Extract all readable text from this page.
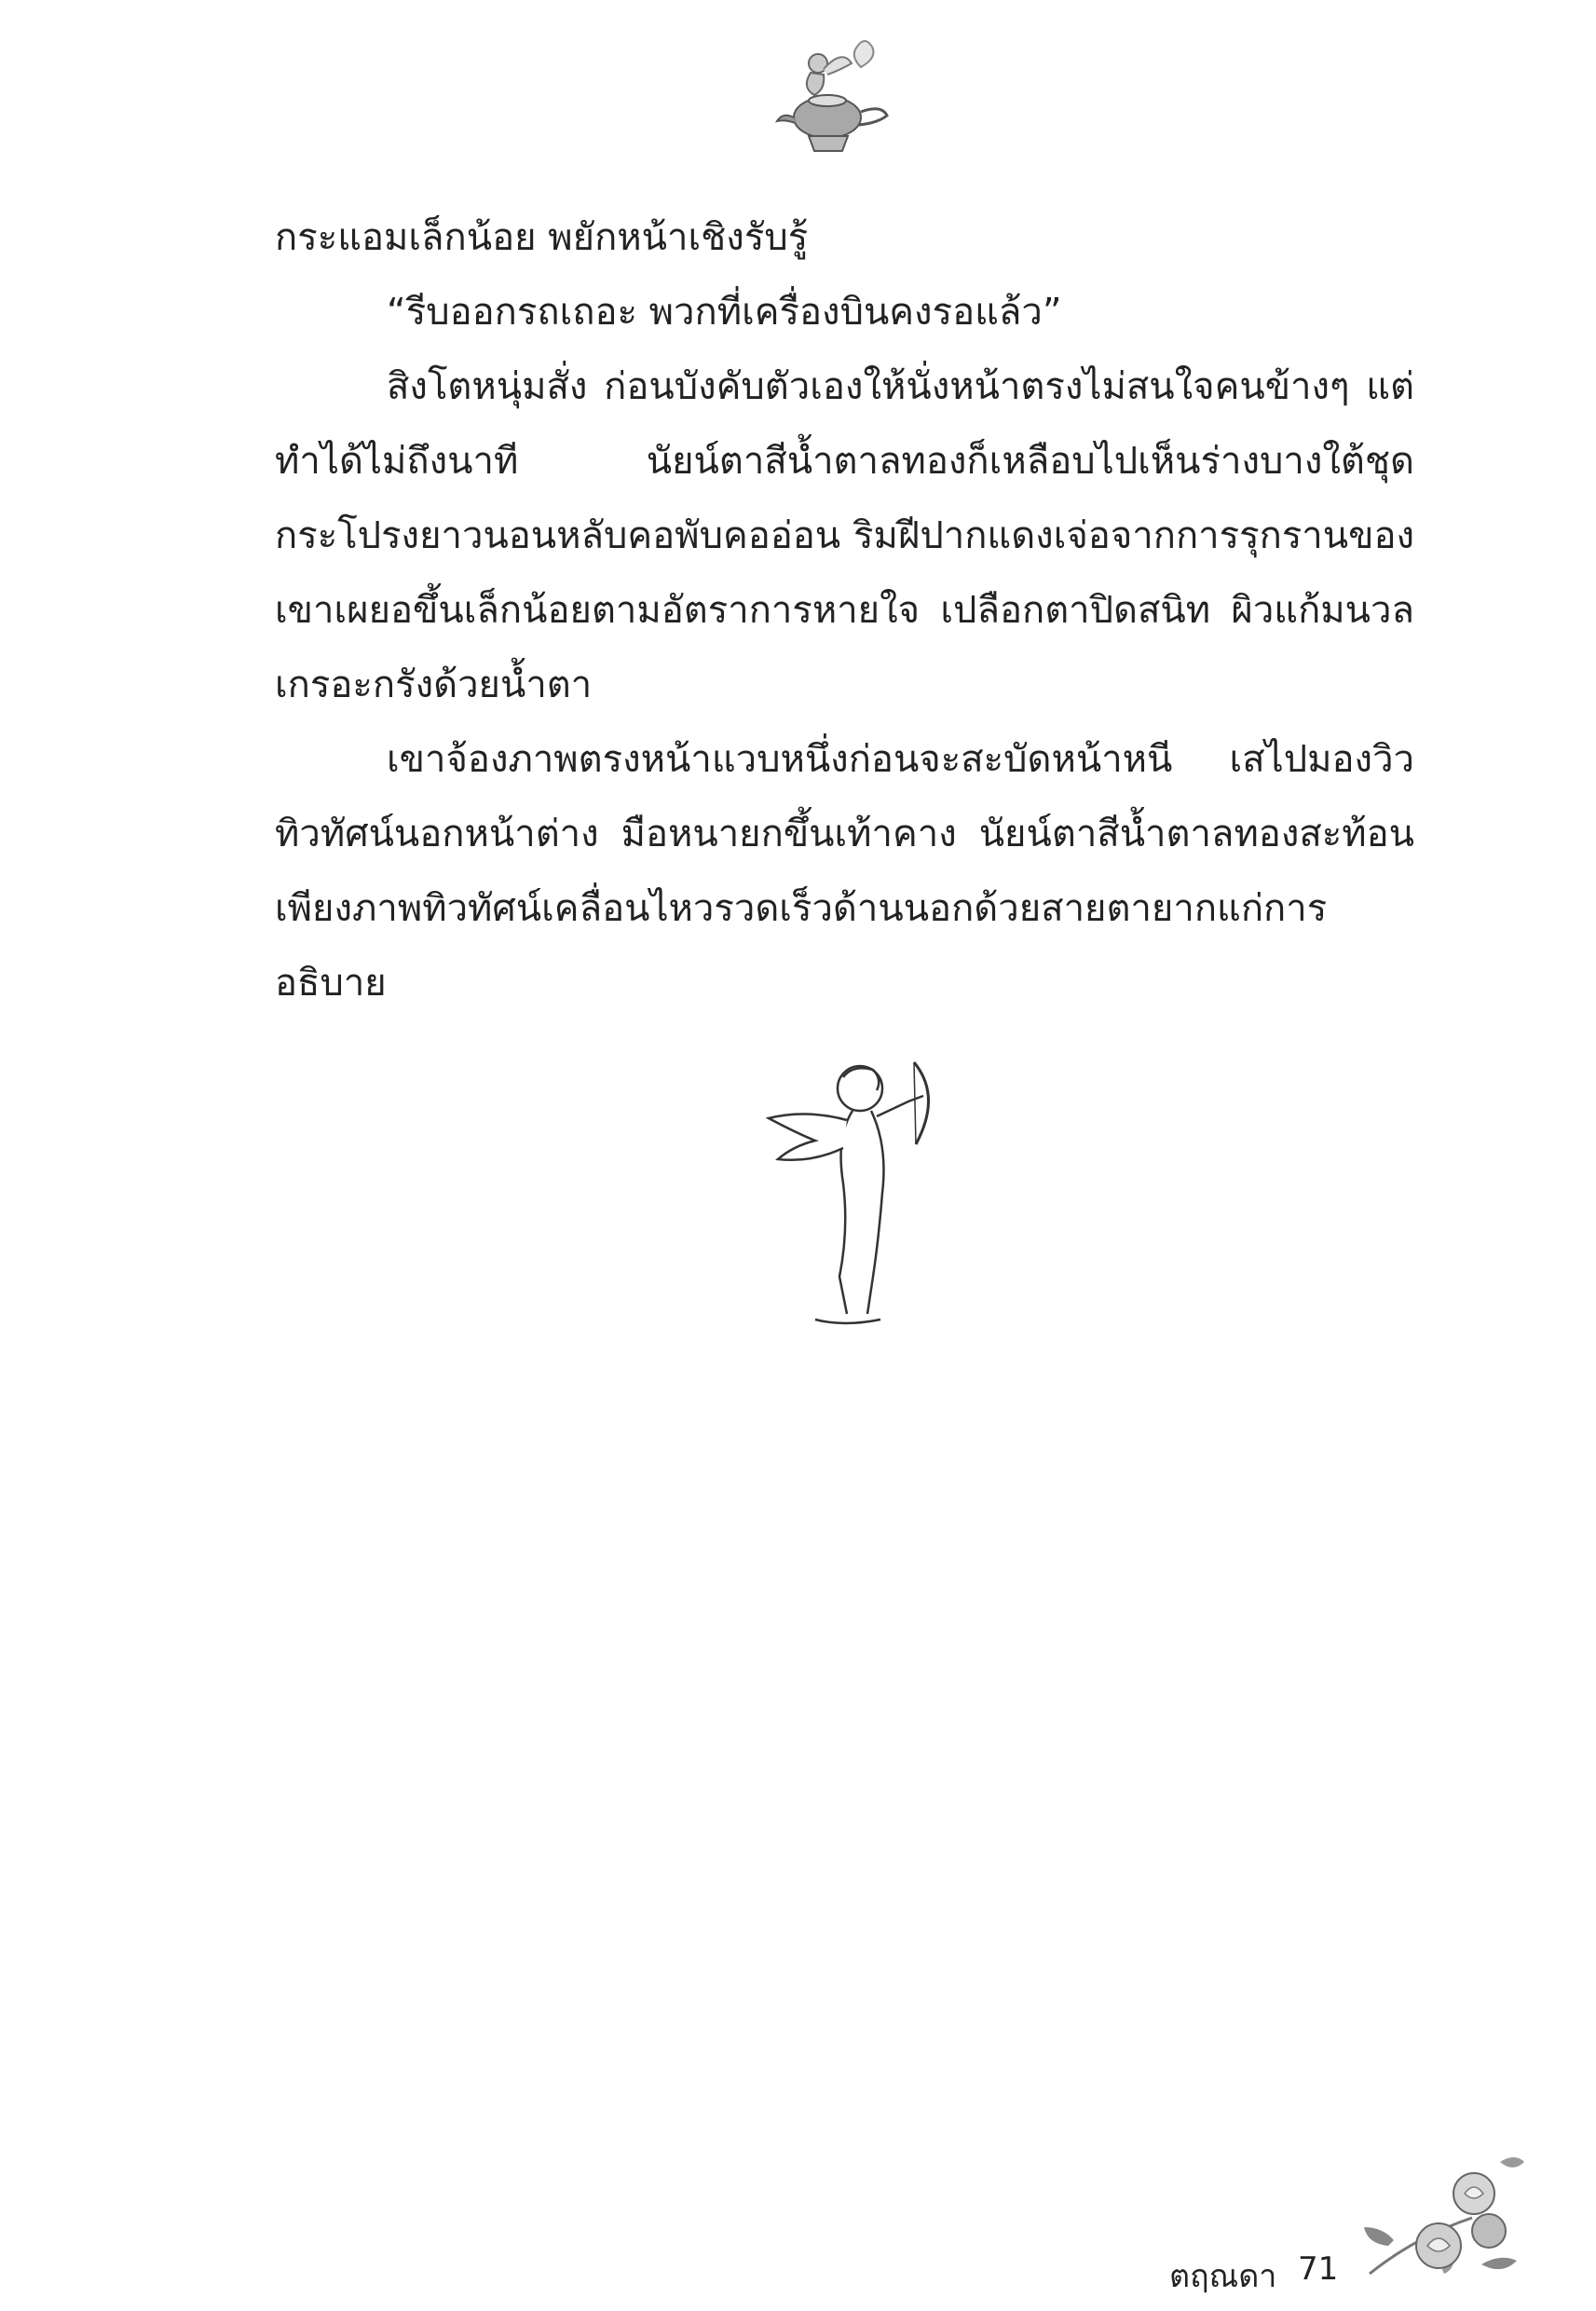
กระแอมเล็กน้อย พยักหน้าเชิงรับรู้

“รีบออกรถเถอะ พวกที่เครื่องบินคงรอแล้ว”

สิงโตหนุ่มสั่ง ก่อนบังคับตัวเองให้นั่งหน้าตรงไม่สนใจคนข้างๆ แต่ทำได้ไม่ถึงนาที นัยน์ตาสีน้ำตาลทองก็เหลือบไปเห็นร่างบางใต้ชุดกระโปรงยาวนอนหลับคอพับคออ่อน ริมฝีปากแดงเจ่อจากการรุกรานของเขาเผยอขึ้นเล็กน้อยตามอัตราการหายใจ เปลือกตาปิดสนิท ผิวแก้มนวลเกรอะกรังด้วยน้ำตา

เขาจ้องภาพตรงหน้าแวบหนึ่งก่อนจะสะบัดหน้าหนี เสไปมองวิวทิวทัศน์นอกหน้าต่าง มือหนายกขึ้นเท้าคาง นัยน์ตาสีน้ำตาลทองสะท้อนเพียงภาพทิวทัศน์เคลื่อนไหวรวดเร็วด้านนอกด้วยสายตายากแก่การอธิบาย

ตฤณดา 71
